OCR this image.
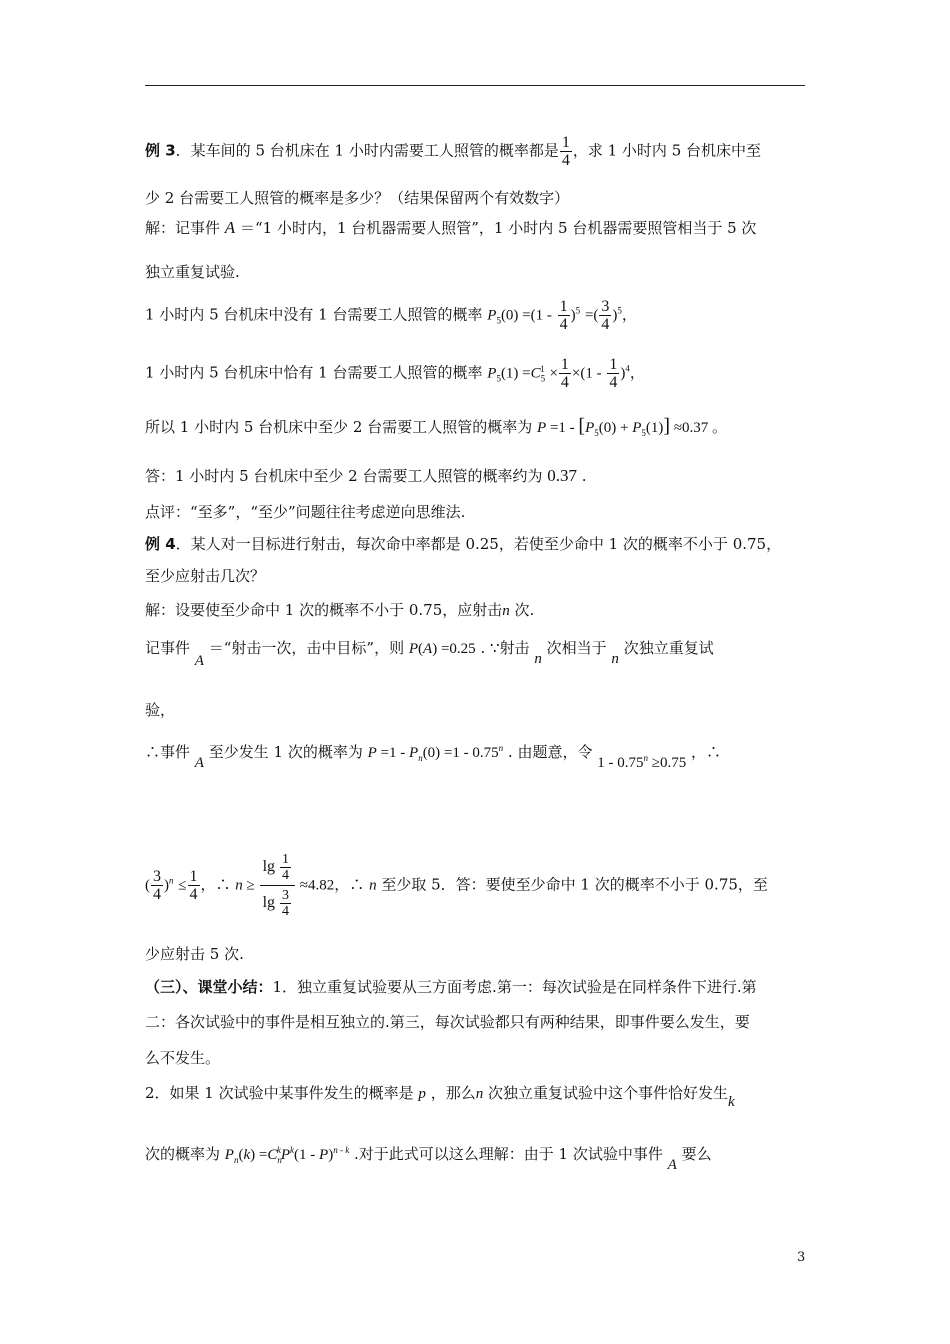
例 3．某车间的 5 台机床在 1 小时内需要工人照管的概率都是 $\frac{1}{4}$ ，求 1 小时内 5 台机床中至
少 2 台需要工人照管的概率是多少？（结果保留两个有效数字）
解：记事件 A ＝“1 小时内，1 台机器需要人照管”，1 小时内 5 台机器需要照管相当于 5 次
独立重复试验.
1 小时内 5 台机床中没有 1 台需要工人照管的概率 $P_5(0) =(1 - \frac{1}{4} )^5$ =( $\frac{3}{4} )^5$，
1 小时内 5 台机床中恰有 1 台需要工人照管的概率 $P_5(1) =C_5^1 \times \frac{1}{4} \times(1 - \frac{1}{4} )^4$，
所以 1 小时内 5 台机床中至少 2 台需要工人照管的概率为 $P =1 - [P_5(0) + P_5(1)] \approx 0.37$ 。
答：1 小时内 5 台机床中至少 2 台需要工人照管的概率约为 0.37 .
点评：“至多”，“至少”问题往往考虑逆向思维法.
例 4．某人对一目标进行射击，每次命中率都是 0.25，若使至少命中 1 次的概率不小于 0.75，
至少应射击几次？
解：设要使至少命中 1 次的概率不小于 0.75，应射击n 次.
记事件 A ＝“射击一次，击中目标”，则 P(A) =0.25 . ∵射击 n 次相当于 n 次独立重复试
验，
∴事件 A 至少发生 1 次的概率为 $P =1 - P_n(0) =1 - 0.75^n$ . 由题意，令 $1 - 0.75^n \ge 0.75$ ，∴
( $\frac{3}{4} )^n \le \frac{1}{4}$ ，∴ $n \ge \frac{\lg \frac{1}{4}}{\lg \frac{3}{4}} \approx 4.82$，∴ n 至少取 5．答：要使至少命中 1 次的概率不小于 0.75，至
少应射击 5 次.
（三）、课堂小结：1．独立重复试验要从三方面考虑.第一：每次试验是在同样条件下进行.第
二：各次试验中的事件是相互独立的.第三，每次试验都只有两种结果，即事件要么发生，要
么不发生。
2．如果 1 次试验中某事件发生的概率是 p ，那么n 次独立重复试验中这个事件恰好发生k
次的概率为 $P_n(k) =C_n^kP^k(1 - P)^{n - k}$ .对于此式可以这么理解：由于 1 次试验中事件 A 要么
3
